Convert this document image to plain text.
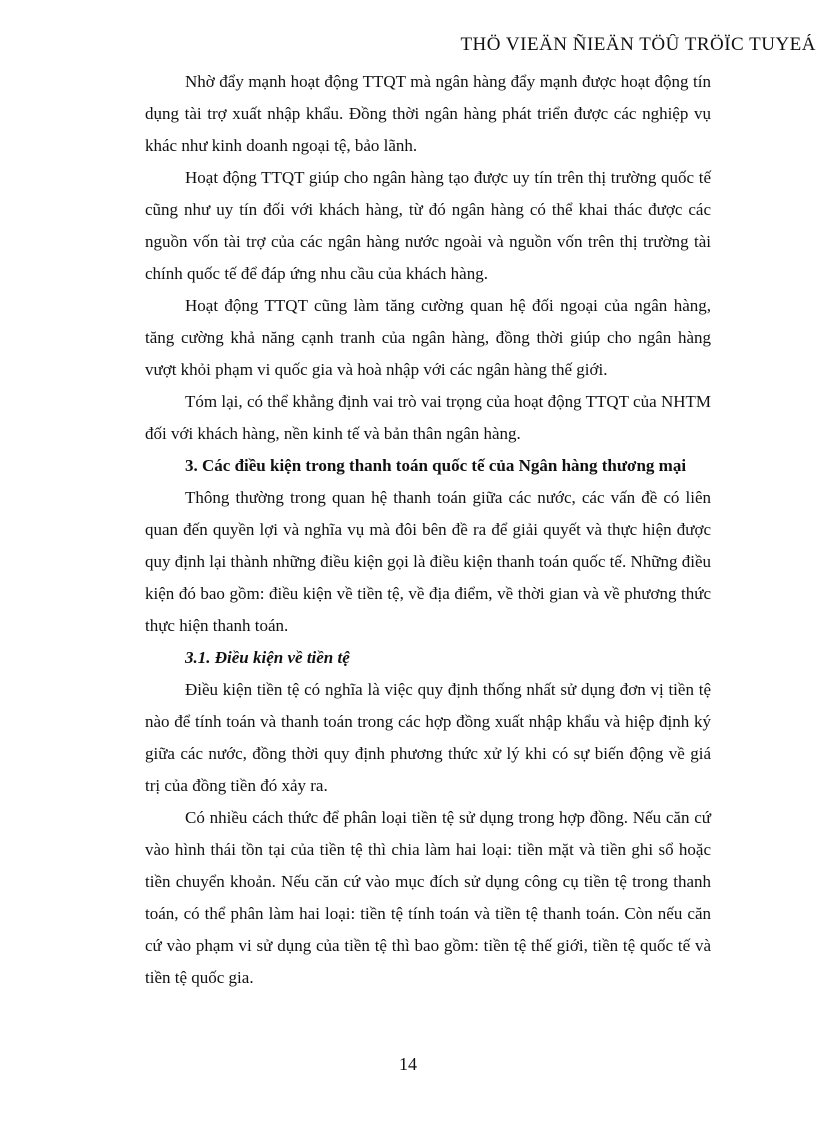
THÖ VIEÄN ÑIEÄN TÖÛ TRÖÏC TUYEÁ

Nhờ đẩy mạnh hoạt động TTQT mà ngân hàng đẩy mạnh được hoạt động tín dụng tài trợ xuất nhập khẩu. Đồng thời ngân hàng phát triển được các nghiệp vụ khác như kinh doanh ngoại tệ, bảo lãnh.

Hoạt động TTQT giúp cho ngân hàng tạo được uy tín trên thị trường quốc tế cũng như uy tín đối với khách hàng, từ đó ngân hàng có thể khai thác được các nguồn vốn tài trợ của các ngân hàng nước ngoài và nguồn vốn trên thị trường tài chính quốc tế để đáp ứng nhu cầu của khách hàng.

Hoạt động TTQT cũng làm tăng cường quan hệ đối ngoại của ngân hàng, tăng cường khả năng cạnh tranh của ngân hàng, đồng thời giúp cho ngân hàng vượt khỏi phạm vi quốc gia và hoà nhập với các ngân hàng thế giới.

Tóm lại, có thể khẳng định vai trò vai trọng của hoạt động TTQT của NHTM đối với khách hàng, nền kinh tế và bản thân ngân hàng.

3. Các điều kiện trong thanh toán quốc tế của Ngân hàng thương mại

Thông thường trong quan hệ thanh toán giữa các nước, các vấn đề có liên quan đến quyền lợi và nghĩa vụ mà đôi bên đề ra để giải quyết và thực hiện được quy định lại thành những điều kiện gọi là điều kiện thanh toán quốc tế. Những điều kiện đó bao gồm: điều kiện về tiền tệ, về địa điểm, về thời gian và về phương thức thực hiện thanh toán.

3.1. Điều kiện về tiền tệ

Điều kiện tiền tệ có nghĩa là việc quy định thống nhất sử dụng đơn vị tiền tệ nào để tính toán và thanh toán trong các hợp đồng xuất nhập khẩu và hiệp định ký giữa các nước, đồng thời quy định phương thức xử lý khi có sự biến động về giá trị của đồng tiền đó xảy ra.

Có nhiều cách thức để phân loại tiền tệ sử dụng trong hợp đồng. Nếu căn cứ vào hình thái tồn tại của tiền tệ thì chia làm hai loại: tiền mặt và tiền ghi sổ hoặc tiền chuyển khoản. Nếu căn cứ vào mục đích sử dụng công cụ tiền tệ trong thanh toán, có thể phân làm hai loại: tiền tệ tính toán và tiền tệ thanh toán. Còn nếu căn cứ vào phạm vi sử dụng của tiền tệ thì bao gồm: tiền tệ thế giới, tiền tệ quốc tế và tiền tệ quốc gia.

14
